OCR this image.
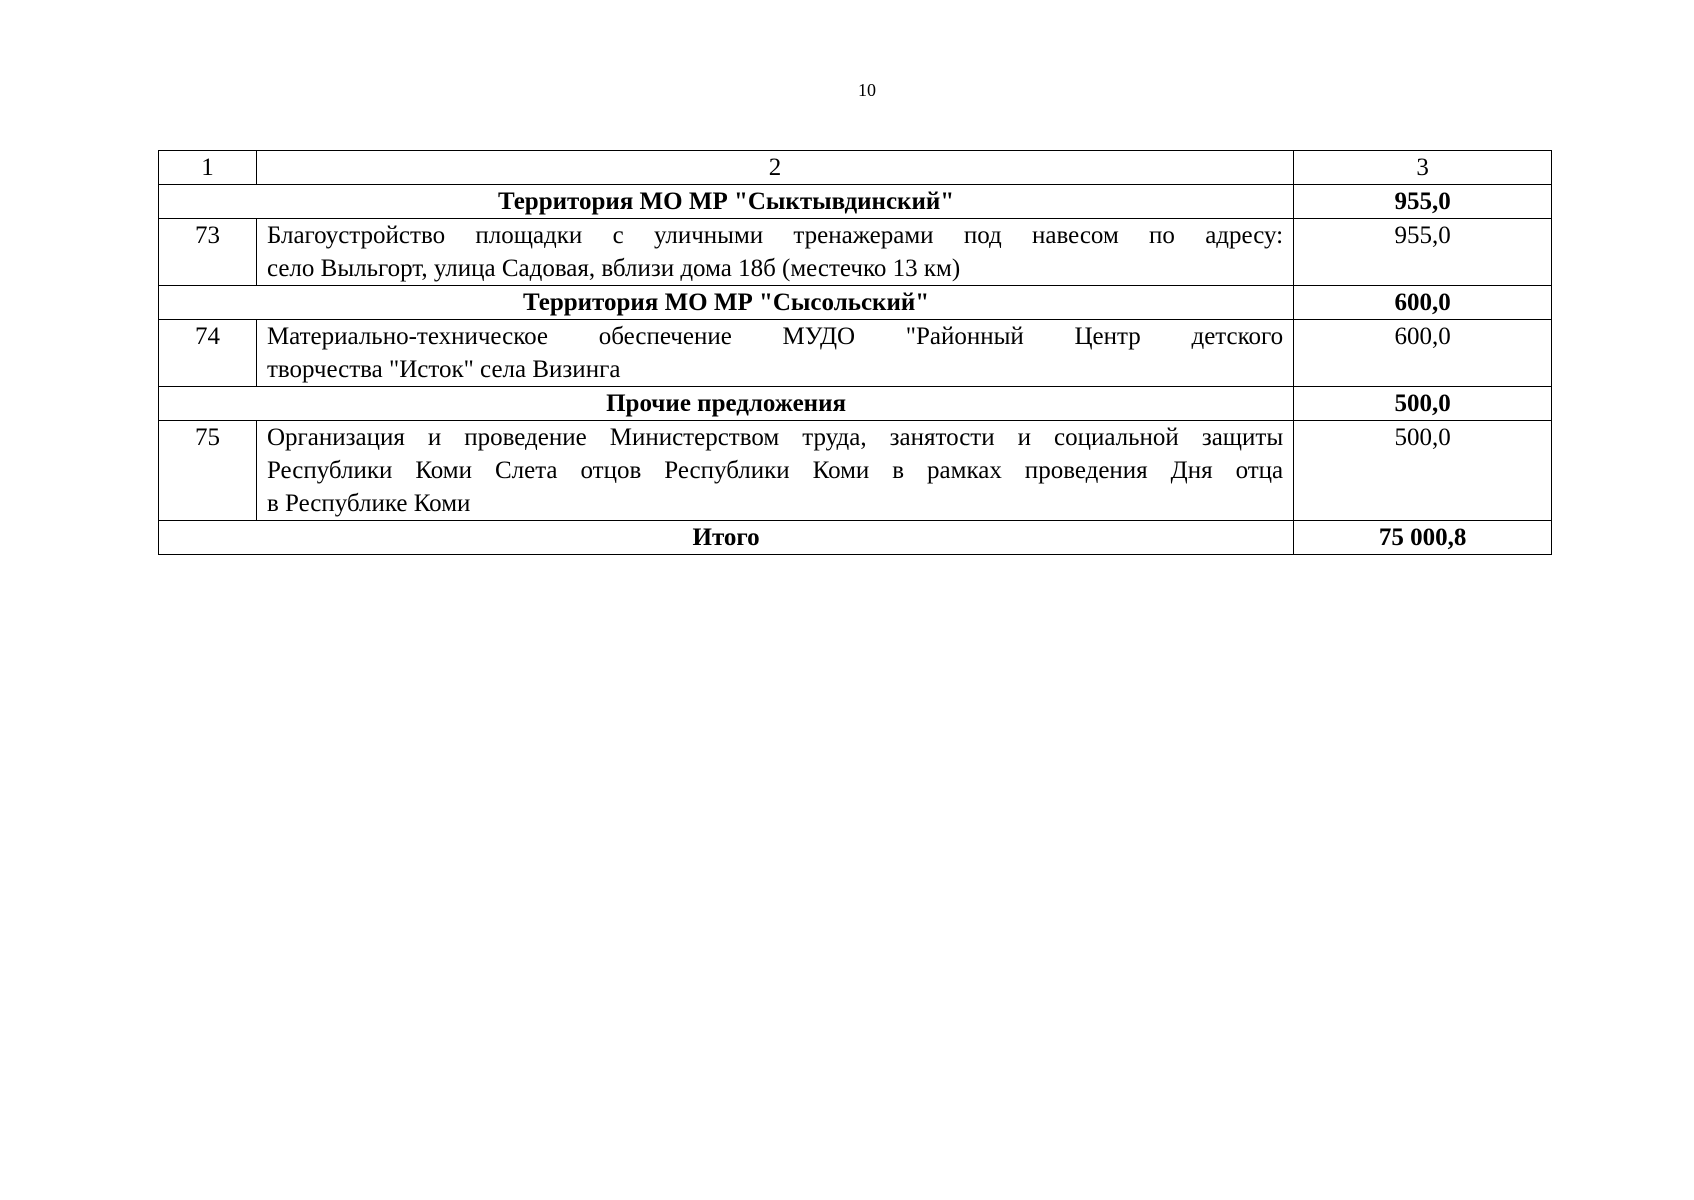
10
1	2	3
Территория МО МР "Сыктывдинский"		955,0
73	Благоустройство площадки с уличными тренажерами под навесом по адресу:
село Выльгорт, улица Садовая, вблизи дома 18б (местечко 13 км)	955,0
Территория МО МР "Сысольский"		600,0
74	Материально-техническое обеспечение МУДО "Районный Центр детского
творчества "Исток" села Визинга	600,0
Прочие предложения		500,0
75	Организация и проведение Министерством труда, занятости и социальной защиты
Республики Коми Слета отцов Республики Коми в рамках проведения Дня отца
в Республике Коми	500,0
Итого		75 000,8
